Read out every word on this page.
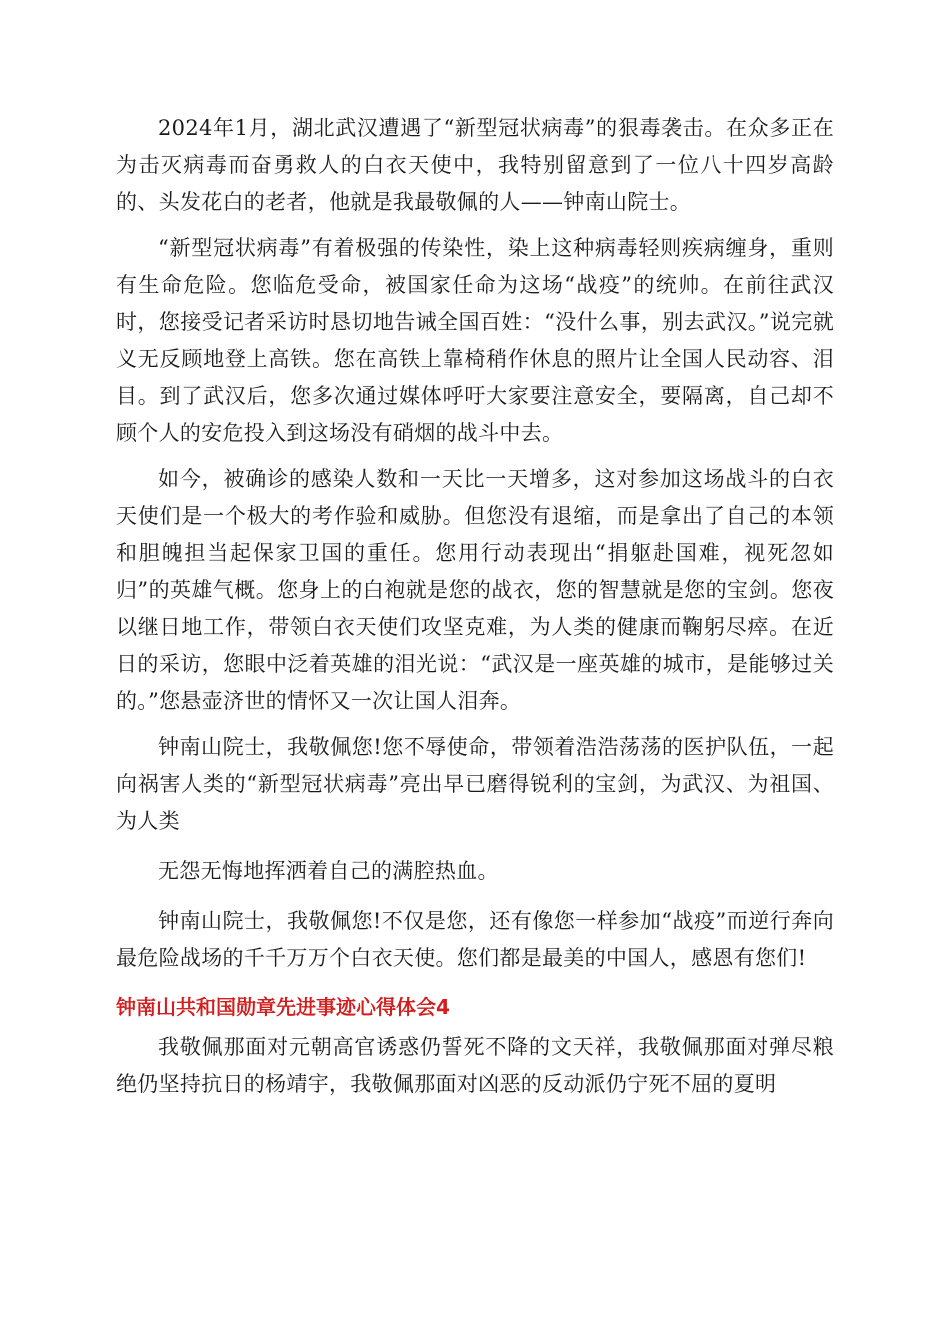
2024年1月，湖北武汉遭遇了“新型冠状病毒”的狠毒袭击。在众多正在为击灭病毒而奋勇救人的白衣天使中，我特别留意到了一位八十四岁高龄的、头发花白的老者，他就是我最敬佩的人——钟南山院士。

“新型冠状病毒”有着极强的传染性，染上这种病毒轻则疾病缠身，重则有生命危险。您临危受命，被国家任命为这场“战疫”的统帅。在前往武汉时，您接受记者采访时恳切地告诫全国百姓：“没什么事，别去武汉。”说完就义无反顾地登上高铁。您在高铁上靠椅稍作休息的照片让全国人民动容、泪目。到了武汉后，您多次通过媒体呼吁大家要注意安全，要隔离，自己却不顾个人的安危投入到这场没有硝烟的战斗中去。

如今，被确诊的感染人数和一天比一天增多，这对参加这场战斗的白衣天使们是一个极大的考作验和威胁。但您没有退缩，而是拿出了自己的本领和胆魄担当起保家卫国的重任。您用行动表现出“捐躯赴国难，视死忽如归”的英雄气概。您身上的白袍就是您的战衣，您的智慧就是您的宝剑。您夜以继日地工作，带领白衣天使们攻坚克难，为人类的健康而鞠躬尽瘁。在近日的采访，您眼中泛着英雄的泪光说：“武汉是一座英雄的城市，是能够过关的。”您悬壶济世的情怀又一次让国人泪奔。

钟南山院士，我敬佩您!您不辱使命，带领着浩浩荡荡的医护队伍，一起向祸害人类的“新型冠状病毒”亮出早已磨得锐利的宝剑，为武汉、为祖国、为人类

无怨无悔地挥洒着自己的满腔热血。

钟南山院士，我敬佩您!不仅是您，还有像您一样参加“战疫”而逆行奔向最危险战场的千千万万个白衣天使。您们都是最美的中国人，感恩有您们!

钟南山共和国勋章先进事迹心得体会4

我敬佩那面对元朝高官诱惑仍誓死不降的文天祥，我敬佩那面对弹尽粮绝仍坚持抗日的杨靖宇，我敬佩那面对凶恶的反动派仍宁死不屈的夏明
